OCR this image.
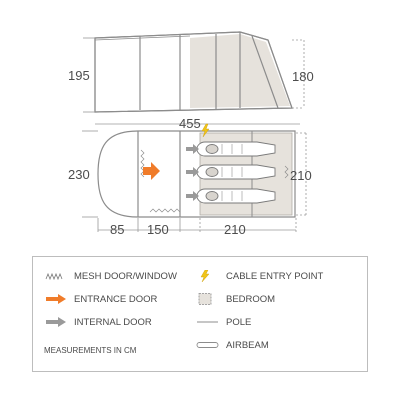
195	180
455
230	210
85 150	210
MESH DOOR/WINDOW
ENTRANCE DOOR
INTERNAL DOOR
MEASUREMENTS IN CM
CABLE ENTRY POINT
BEDROOM
POLE
AIRBEAM
